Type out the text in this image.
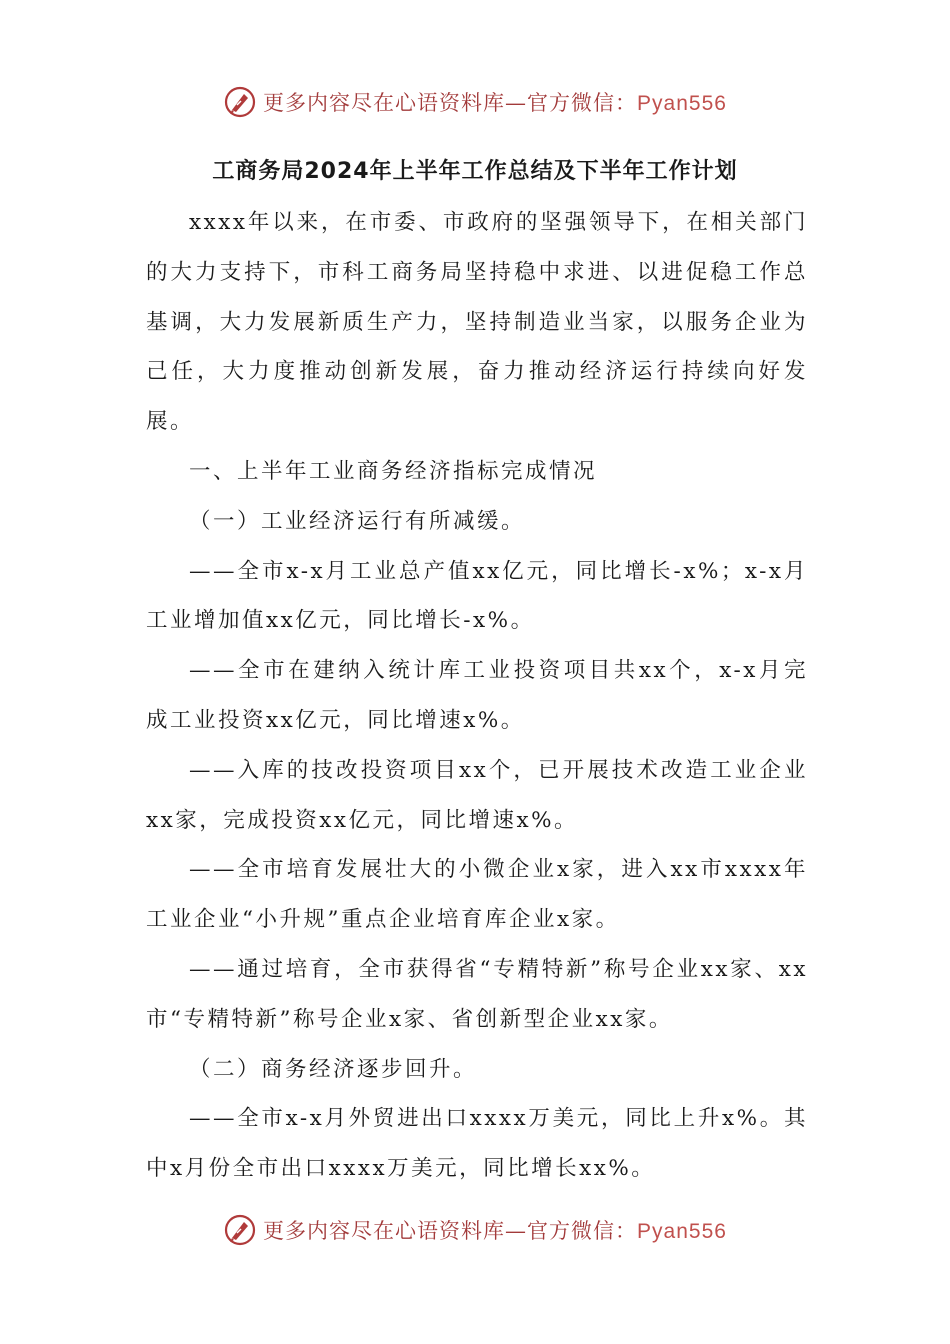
更多内容尽在心语资料库—官方微信：Pyan556
工商务局2024年上半年工作总结及下半年工作计划

xxxx年以来，在市委、市政府的坚强领导下，在相关部门的大力支持下，市科工商务局坚持稳中求进、以进促稳工作总基调，大力发展新质生产力，坚持制造业当家，以服务企业为己任，大力度推动创新发展，奋力推动经济运行持续向好发展。

一、上半年工业商务经济指标完成情况

（一）工业经济运行有所减缓。

——全市x-x月工业总产值xx亿元，同比增长-x%；x-x月工业增加值xx亿元，同比增长-x%。

——全市在建纳入统计库工业投资项目共xx个，x-x月完成工业投资xx亿元，同比增速x%。

——入库的技改投资项目xx个，已开展技术改造工业企业xx家，完成投资xx亿元，同比增速x%。

——全市培育发展壮大的小微企业x家，进入xx市xxxx年工业企业“小升规”重点企业培育库企业x家。

——通过培育，全市获得省“专精特新”称号企业xx家、xx市“专精特新”称号企业x家、省创新型企业xx家。

（二）商务经济逐步回升。

——全市x-x月外贸进出口xxxx万美元，同比上升x%。其中x月份全市出口xxxx万美元，同比增长xx%。

更多内容尽在心语资料库—官方微信：Pyan556
